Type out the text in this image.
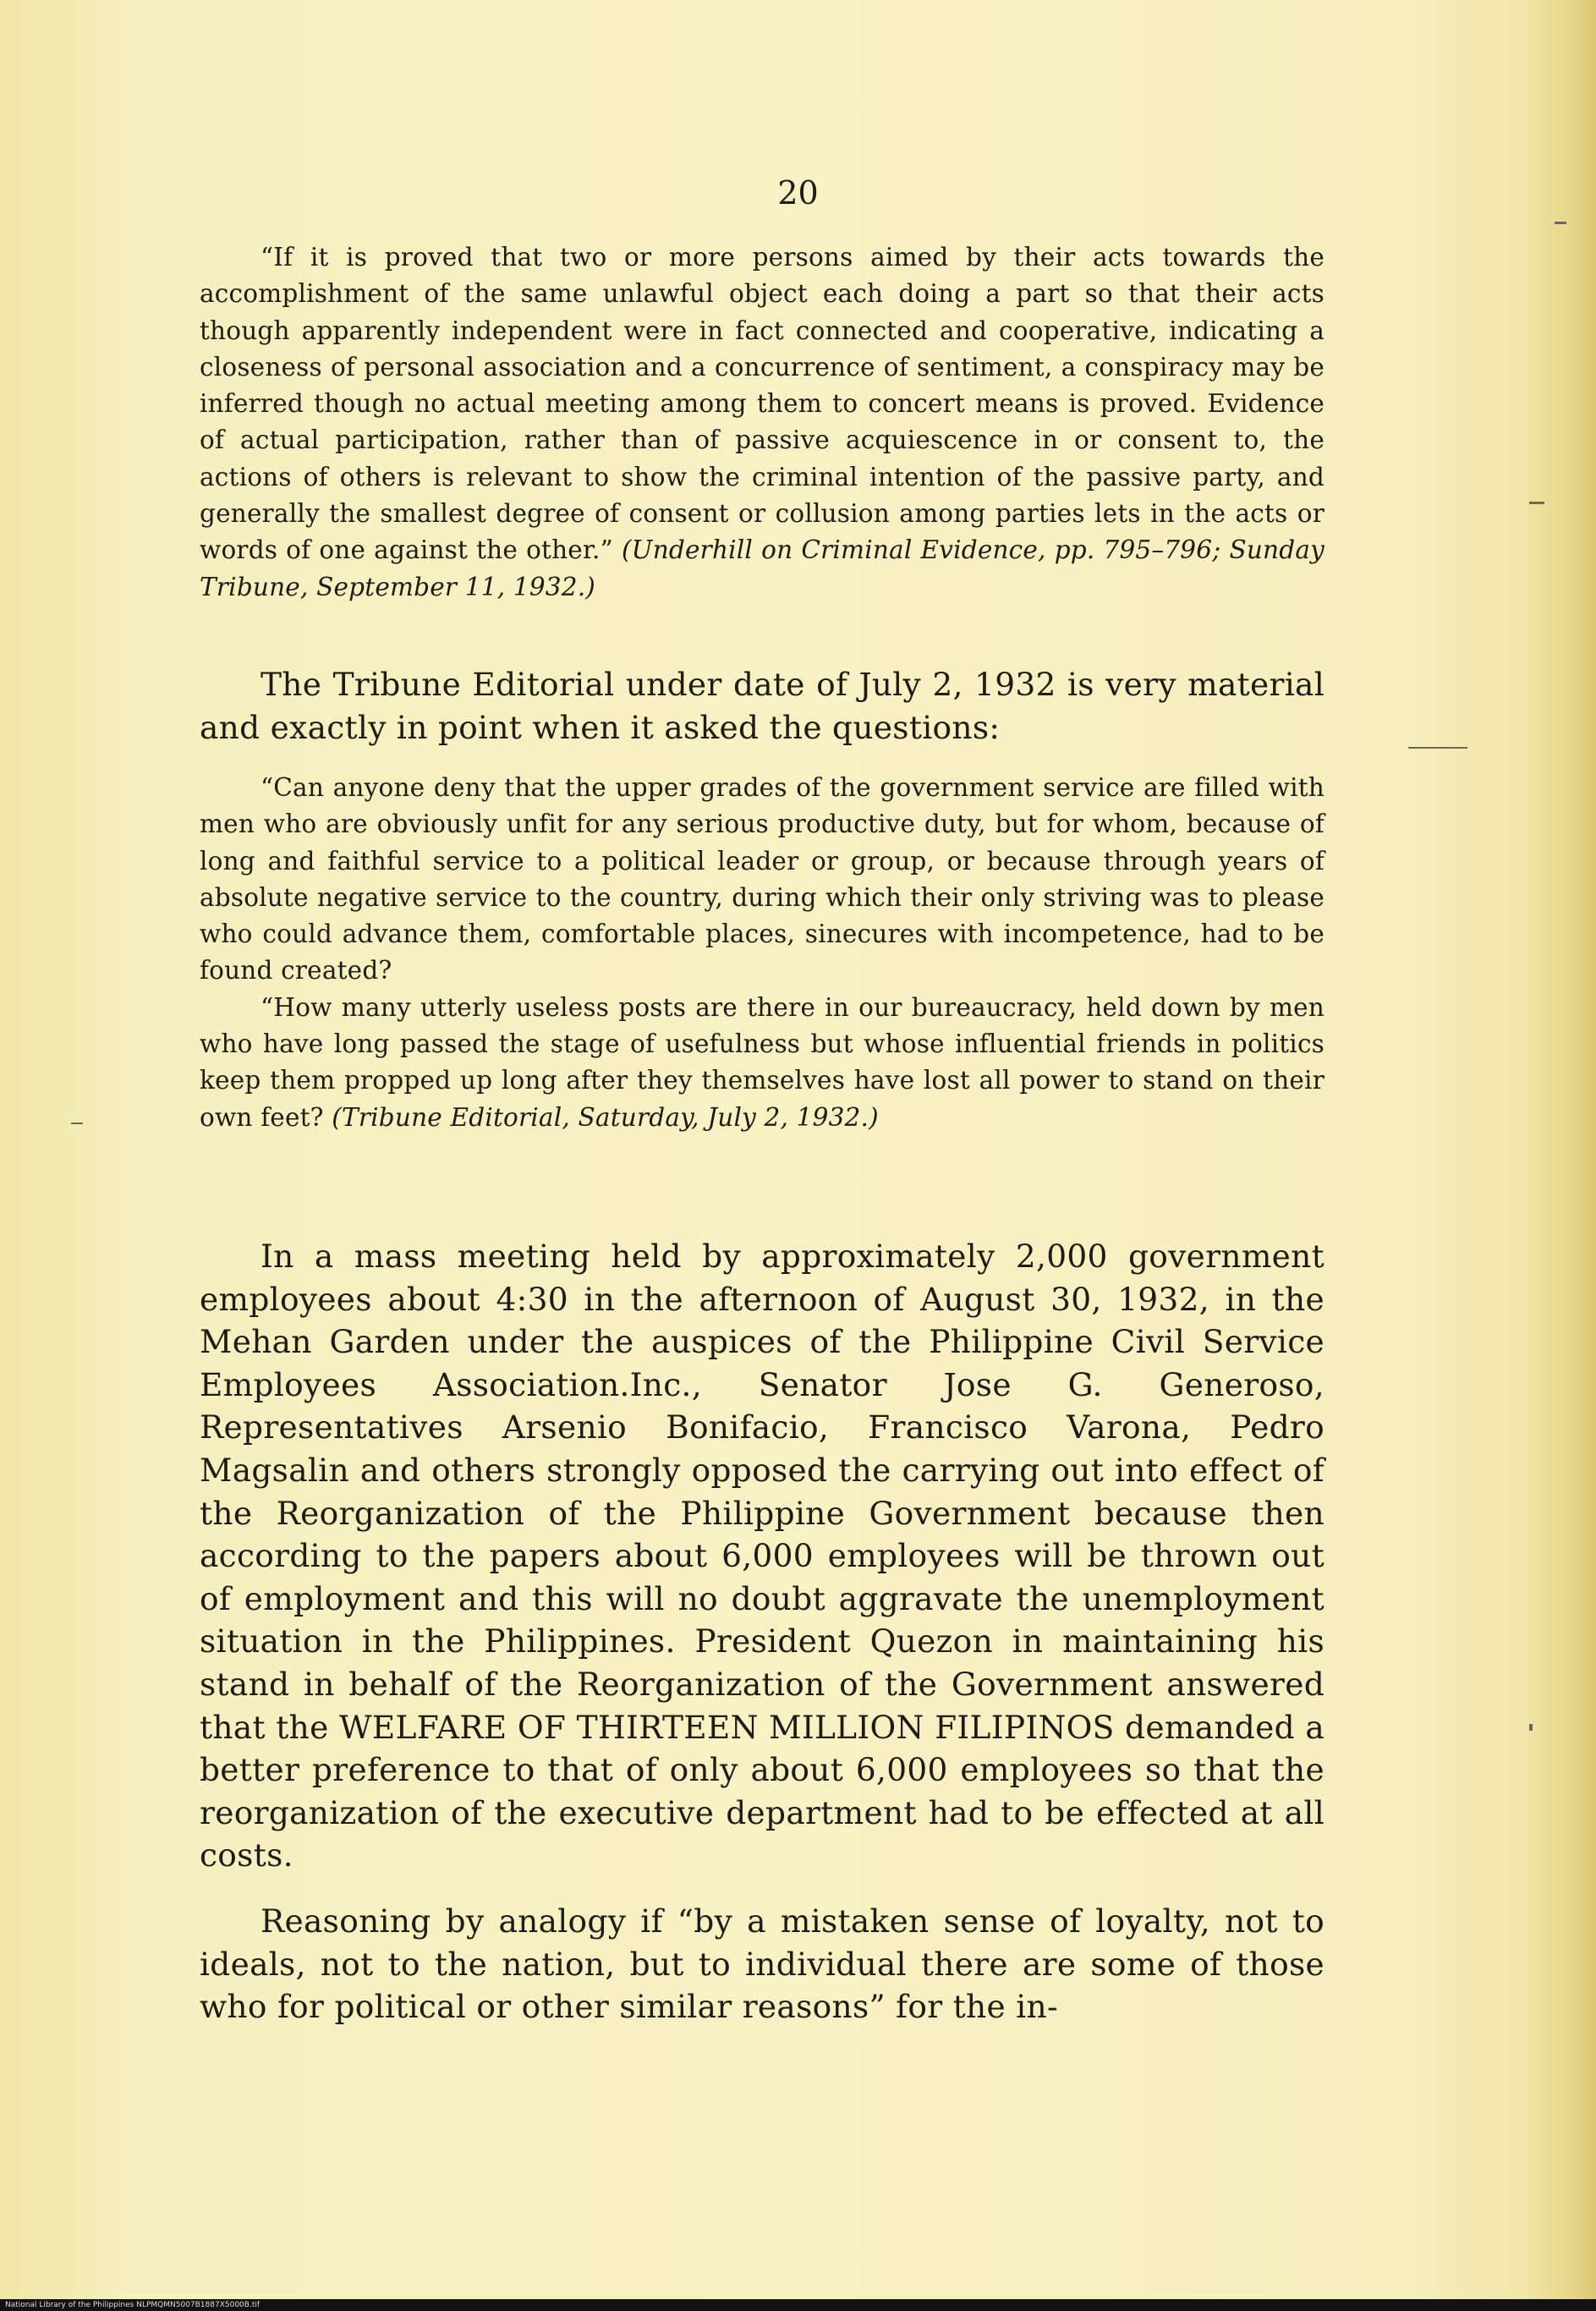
20

“If it is proved that two or more persons aimed by their acts towards the accomplishment of the same unlawful object each doing a part so that their acts though apparently independent were in fact connected and cooperative, indicating a closeness of personal association and a concurrence of sentiment, a conspiracy may be inferred though no actual meeting among them to concert means is proved. Evidence of actual participation, rather than of passive acquiescence in or consent to, the actions of others is relevant to show the criminal intention of the passive party, and generally the smallest degree of consent or collusion among parties lets in the acts or words of one against the other.” (Underhill on Criminal Evidence, pp. 795–796; Sunday Tribune, September 11, 1932.)

The Tribune Editorial under date of July 2, 1932 is very material and exactly in point when it asked the questions:

“Can anyone deny that the upper grades of the government service are filled with men who are obviously unfit for any serious productive duty, but for whom, because of long and faithful service to a political leader or group, or because through years of absolute negative service to the country, during which their only striving was to please who could advance them, comfortable places, sinecures with incompetence, had to be found created?

“How many utterly useless posts are there in our bureaucracy, held down by men who have long passed the stage of usefulness but whose influential friends in politics keep them propped up long after they themselves have lost all power to stand on their own feet? (Tribune Editorial, Saturday, July 2, 1932.)

In a mass meeting held by approximately 2,000 government employees about 4:30 in the afternoon of August 30, 1932, in the Mehan Garden under the auspices of the Philippine Civil Service Employees Association.Inc., Senator Jose G. Generoso, Representatives Arsenio Bonifacio, Francisco Varona, Pedro Magsalin and others strongly opposed the carrying out into effect of the Reorganization of the Philippine Government because then according to the papers about 6,000 employees will be thrown out of employment and this will no doubt aggravate the unemployment situation in the Philippines. President Quezon in maintaining his stand in behalf of the Reorganization of the Government answered that the WELFARE OF THIRTEEN MILLION FILIPINOS demanded a better preference to that of only about 6,000 employees so that the reorganization of the executive department had to be effected at all costs.

Reasoning by analogy if “by a mistaken sense of loyalty, not to ideals, not to the nation, but to individual there are some of those who for political or other similar reasons” for the in-

National Library of the Philippines NLPMQMN5007B1887X5000B.tif
